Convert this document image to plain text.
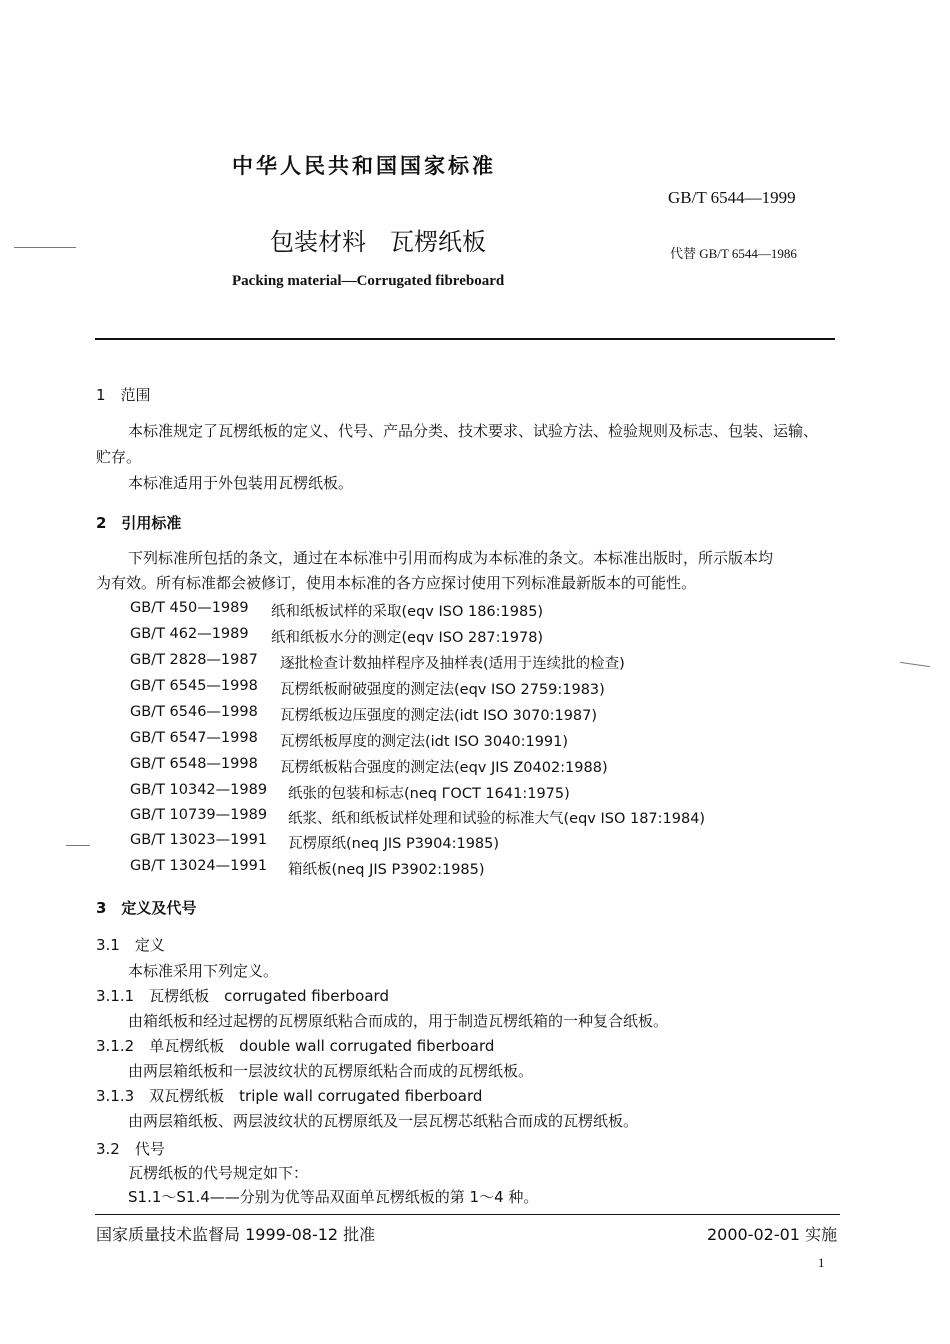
中华人民共和国国家标准
GB/T 6544—1999
包装材料　瓦楞纸板	代替 GB/T 6544—1986
Packing material—Corrugated fibreboard
1　范围
本标准规定了瓦楞纸板的定义、代号、产品分类、技术要求、试验方法、检验规则及标志、包装、运输、
贮存。
本标准适用于外包装用瓦楞纸板。
2　引用标准
下列标准所包括的条文，通过在本标准中引用而构成为本标准的条文。本标准出版时，所示版本均
为有效。所有标准都会被修订，使用本标准的各方应探讨使用下列标准最新版本的可能性。
GB/T 450—1989 纸和纸板试样的采取(eqv ISO 186:1985)
GB/T 462—1989 纸和纸板水分的测定(eqv ISO 287:1978)
GB/T 2828—1987 逐批检查计数抽样程序及抽样表(适用于连续批的检查)
GB/T 6545—1998 瓦楞纸板耐破强度的测定法(eqv ISO 2759:1983)
GB/T 6546—1998 瓦楞纸板边压强度的测定法(idt ISO 3070:1987)
GB/T 6547—1998 瓦楞纸板厚度的测定法(idt ISO 3040:1991)
GB/T 6548—1998 瓦楞纸板粘合强度的测定法(eqv JIS Z0402:1988)
GB/T 10342—1989 纸张的包装和标志(neq ГОСТ 1641:1975)
GB/T 10739—1989 纸浆、纸和纸板试样处理和试验的标准大气(eqv ISO 187:1984)
GB/T 13023—1991 瓦楞原纸(neq JIS P3904:1985)
GB/T 13024—1991 箱纸板(neq JIS P3902:1985)
3　定义及代号
3.1　定义
本标准采用下列定义。
3.1.1　瓦楞纸板　corrugated fiberboard
由箱纸板和经过起楞的瓦楞原纸粘合而成的，用于制造瓦楞纸箱的一种复合纸板。
3.1.2　单瓦楞纸板　double wall corrugated fiberboard
由两层箱纸板和一层波纹状的瓦楞原纸粘合而成的瓦楞纸板。
3.1.3　双瓦楞纸板　triple wall corrugated fiberboard
由两层箱纸板、两层波纹状的瓦楞原纸及一层瓦楞芯纸粘合而成的瓦楞纸板。
3.2　代号
瓦楞纸板的代号规定如下：
S1.1～S1.4——分别为优等品双面单瓦楞纸板的第 1～4 种。
国家质量技术监督局 1999-08-12 批准	2000-02-01 实施
1
